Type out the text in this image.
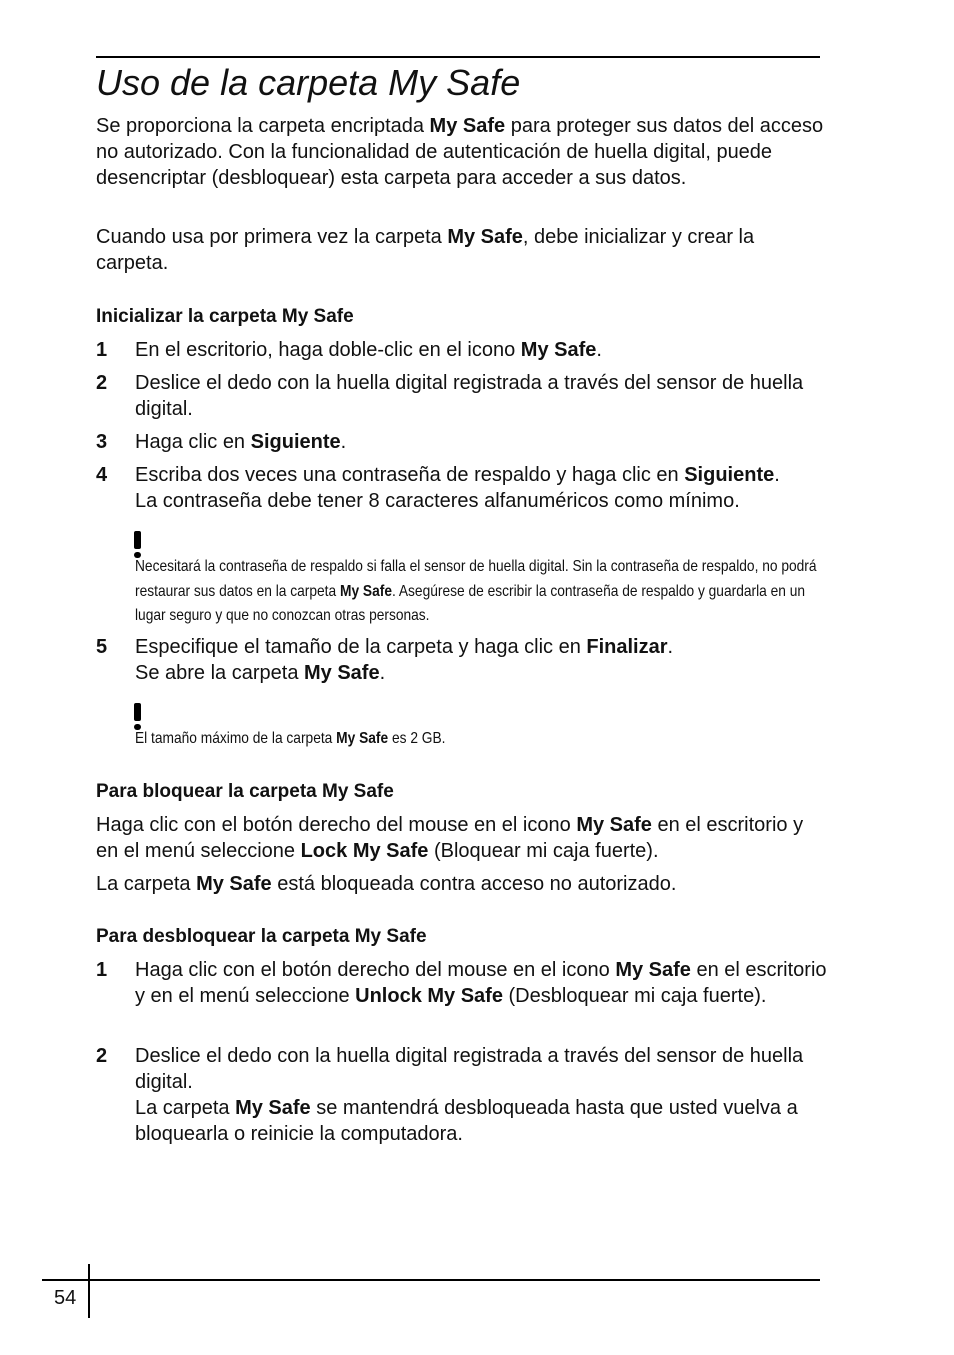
Uso de la carpeta My Safe

Se proporciona la carpeta encriptada My Safe para proteger sus datos del acceso no autorizado. Con la funcionalidad de autenticación de huella digital, puede desencriptar (desbloquear) esta carpeta para acceder a sus datos.

Cuando usa por primera vez la carpeta My Safe, debe inicializar y crear la carpeta.

Inicializar la carpeta My Safe
1	En el escritorio, haga doble-clic en el icono My Safe.
2	Deslice el dedo con la huella digital registrada a través del sensor de huella digital.
3	Haga clic en Siguiente.
4	Escriba dos veces una contraseña de respaldo y haga clic en Siguiente.
La contraseña debe tener 8 caracteres alfanuméricos como mínimo.
Necesitará la contraseña de respaldo si falla el sensor de huella digital. Sin la contraseña de respaldo, no podrá restaurar sus datos en la carpeta My Safe. Asegúrese de escribir la contraseña de respaldo y guardarla en un lugar seguro y que no conozcan otras personas.
5	Especifique el tamaño de la carpeta y haga clic en Finalizar.
Se abre la carpeta My Safe.
El tamaño máximo de la carpeta My Safe es 2 GB.
Para bloquear la carpeta My Safe

Haga clic con el botón derecho del mouse en el icono My Safe en el escritorio y en el menú seleccione Lock My Safe (Bloquear mi caja fuerte).

La carpeta My Safe está bloqueada contra acceso no autorizado.

Para desbloquear la carpeta My Safe
1	Haga clic con el botón derecho del mouse en el icono My Safe en el escritorio y en el menú seleccione Unlock My Safe (Desbloquear mi caja fuerte).
2	Deslice el dedo con la huella digital registrada a través del sensor de huella digital.
La carpeta My Safe se mantendrá desbloqueada hasta que usted vuelva a bloquearla o reinicie la computadora.
54
